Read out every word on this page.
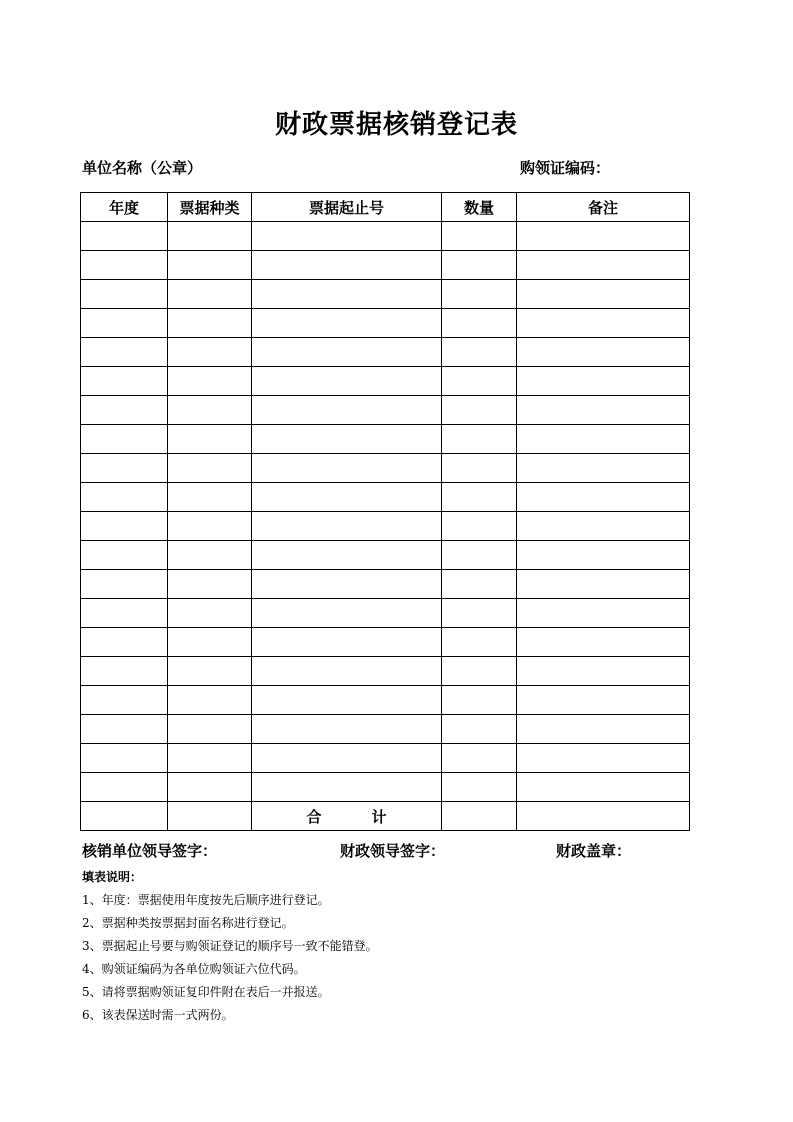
财政票据核销登记表
单位名称（公章）	购领证编码：
年度	票据种类	票据起止号	数量	备注

		合 计		
核销单位领导签字：	财政领导签字：	财政盖章：
填表说明：
1、年度：票据使用年度按先后顺序进行登记。
2、票据种类按票据封面名称进行登记。
3、票据起止号要与购领证登记的顺序号一致不能错登。
4、购领证编码为各单位购领证六位代码。
5、请将票据购领证复印件附在表后一并报送。
6、该表保送时需一式两份。
